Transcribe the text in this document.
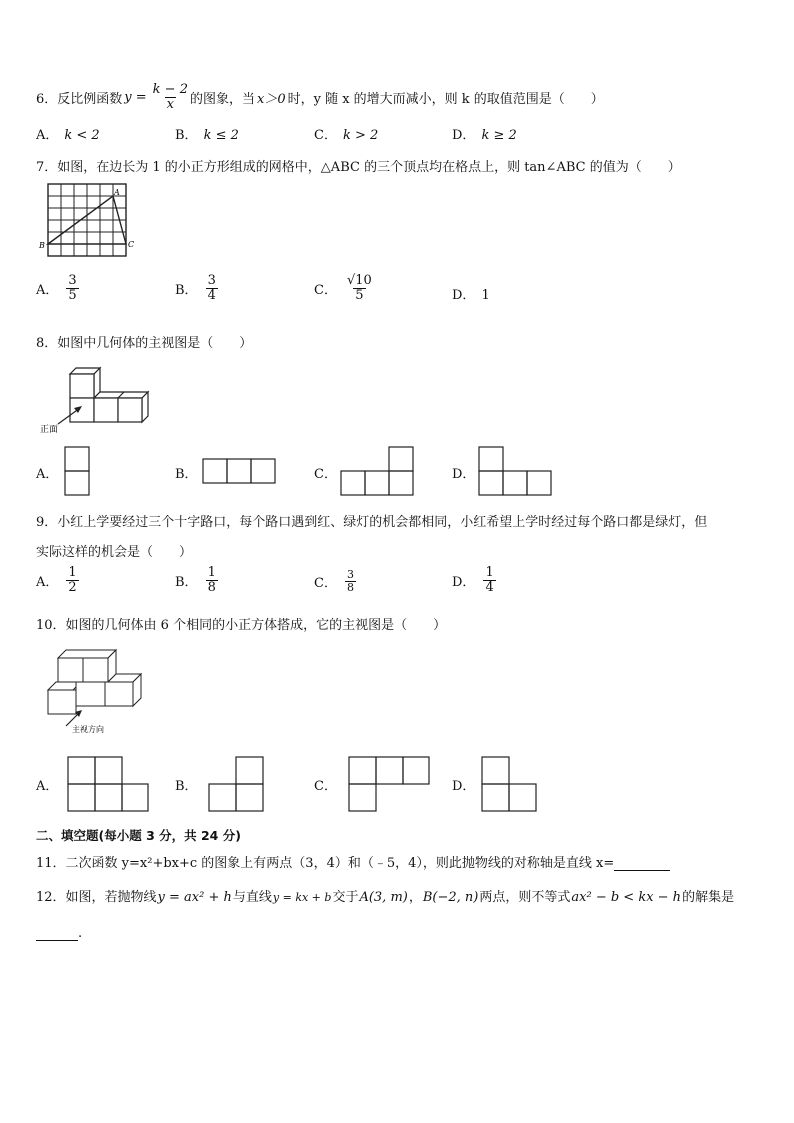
6．反比例函数 $y = \frac{k - 2}{x}$ 的图象，当 x＞0 时，y 随 x 的增大而减小，则 k 的取值范围是（　　）
A． k < 2	B． k ≤ 2	C． k > 2	D． k ≥ 2
7．如图，在边长为 1 的小正方形组成的网格中，△ABC 的三个顶点均在格点上，则 tan∠ABC 的值为（　　）
A
B	C
A． $\frac{3}{5}$	B． $\frac{3}{4}$	C． $\frac{√10}{5}$	D． 1
8．如图中几何体的主视图是（　　）
正面
A．	B．	C．	D．
9．小红上学要经过三个十字路口，每个路口遇到红、绿灯的机会都相同，小红希望上学时经过每个路口都是绿灯，但
实际这样的机会是（　　）
A． $\frac{1}{2}$	B． $\frac{1}{8}$	C． $\frac{3}{8}$	D． $\frac{1}{4}$
10．如图的几何体由 6 个相同的小正方体搭成，它的主视图是（　　）
主视方向
A．	B．	C．	D．
二、填空题(每小题 3 分，共 24 分)
11．二次函数 y=x²+bx+c 的图象上有两点（3，4）和（﹣5，4），则此抛物线的对称轴是直线 x=
12．如图，若抛物线y = ax² + h与直线y = kx + b交于A(3, m)，B(−2, n)两点，则不等式ax² − b < kx − h的解集是
.
